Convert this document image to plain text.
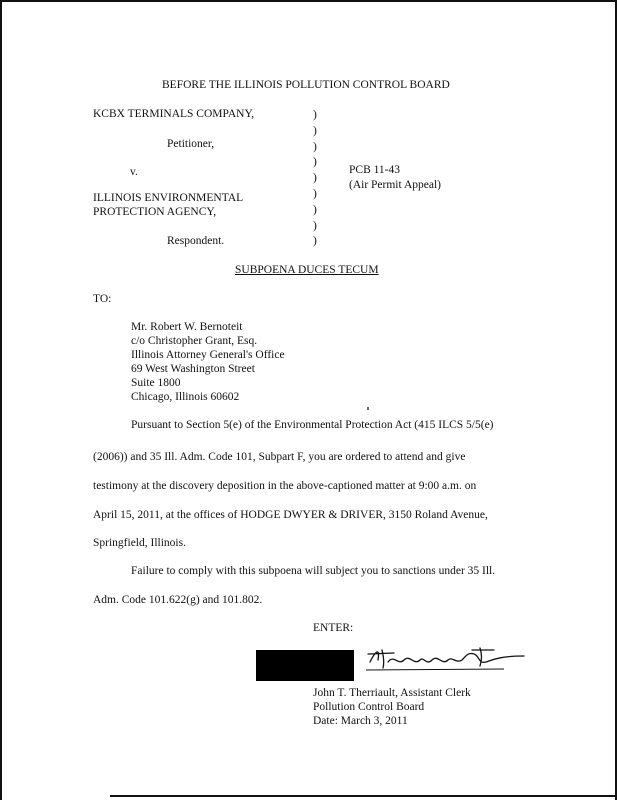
BEFORE THE ILLINOIS POLLUTION CONTROL BOARD
KCBX TERMINALS COMPANY,
Petitioner,
v.
ILLINOIS ENVIRONMENTAL
PROTECTION AGENCY,
Respondent.
)
)
)
)
)
)
)
)
)
PCB 11-43
(Air Permit Appeal)
SUBPOENA DUCES TECUM
TO:
Mr. Robert W. Bernoteit
c/o Christopher Grant, Esq.
Illinois Attorney General's Office
69 West Washington Street
Suite 1800
Chicago, Illinois 60602
Pursuant to Section 5(e) of the Environmental Protection Act (415 ILCS 5/5(e)
(2006)) and 35 Ill. Adm. Code 101, Subpart F, you are ordered to attend and give
testimony at the discovery deposition in the above-captioned matter at 9:00 a.m. on
April 15, 2011, at the offices of HODGE DWYER & DRIVER, 3150 Roland Avenue,
Springfield, Illinois.
Failure to comply with this subpoena will subject you to sanctions under 35 Ill.
Adm. Code 101.622(g) and 101.802.
ENTER:
John T. Therriault, Assistant Clerk
Pollution Control Board
Date: March 3, 2011
